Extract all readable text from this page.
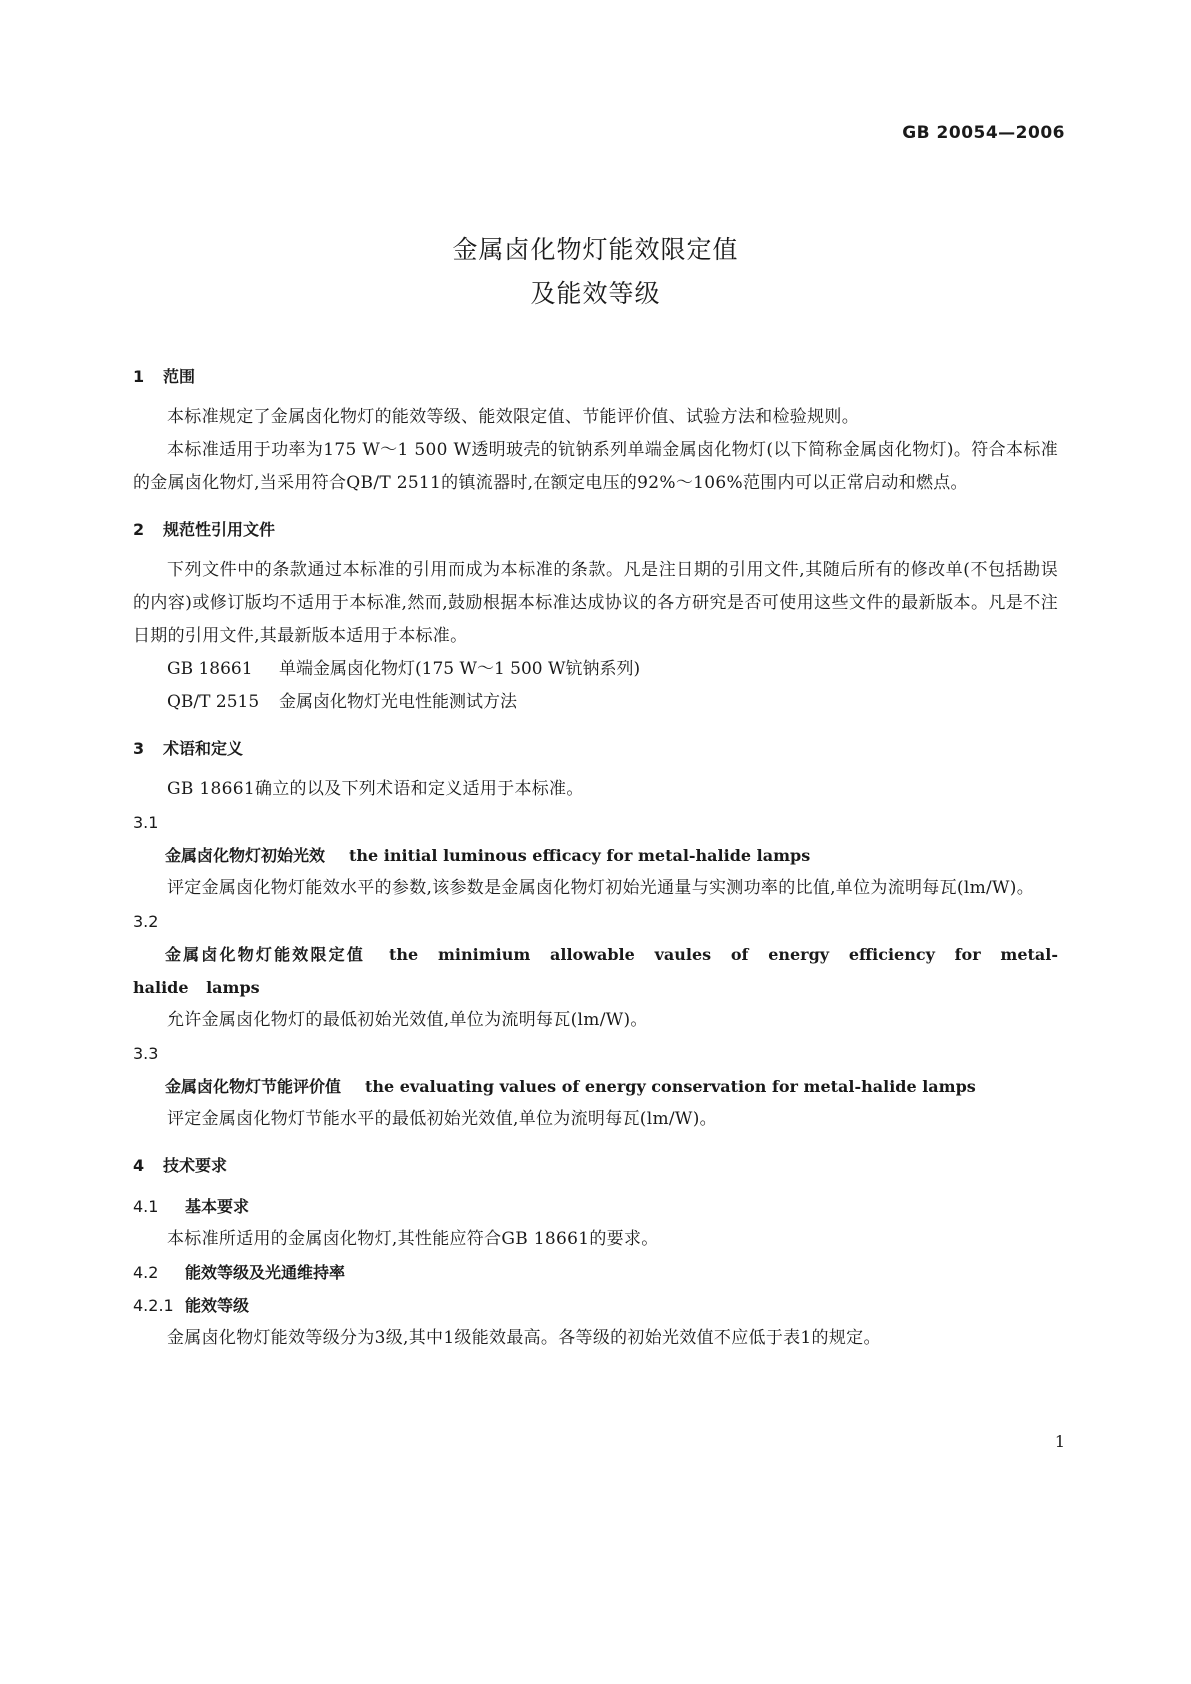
GB 20054—2006
金属卤化物灯能效限定值
及能效等级
1 范围

本标准规定了金属卤化物灯的能效等级、能效限定值、节能评价值、试验方法和检验规则。

本标准适用于功率为175 W～1 500 W透明玻壳的钪钠系列单端金属卤化物灯(以下简称金属卤化物灯)。符合本标准的金属卤化物灯,当采用符合QB/T 2511的镇流器时,在额定电压的92%～106%范围内可以正常启动和燃点。

2 规范性引用文件

下列文件中的条款通过本标准的引用而成为本标准的条款。凡是注日期的引用文件,其随后所有的修改单(不包括勘误的内容)或修订版均不适用于本标准,然而,鼓励根据本标准达成协议的各方研究是否可使用这些文件的最新版本。凡是不注日期的引用文件,其最新版本适用于本标准。

GB 18661 单端金属卤化物灯(175 W～1 500 W钪钠系列)

QB/T 2515 金属卤化物灯光电性能测试方法

3 术语和定义

GB 18661确立的以及下列术语和定义适用于本标准。

3.1

金属卤化物灯初始光效 the initial luminous efficacy for metal-halide lamps

评定金属卤化物灯能效水平的参数,该参数是金属卤化物灯初始光通量与实测功率的比值,单位为流明每瓦(lm/W)。

3.2

金属卤化物灯能效限定值 the minimium allowable vaules of energy efficiency for metal-halide lamps

允许金属卤化物灯的最低初始光效值,单位为流明每瓦(lm/W)。

3.3

金属卤化物灯节能评价值 the evaluating values of energy conservation for metal-halide lamps

评定金属卤化物灯节能水平的最低初始光效值,单位为流明每瓦(lm/W)。

4 技术要求

4.1 基本要求

本标准所适用的金属卤化物灯,其性能应符合GB 18661的要求。

4.2 能效等级及光通维持率

4.2.1 能效等级

金属卤化物灯能效等级分为3级,其中1级能效最高。各等级的初始光效值不应低于表1的规定。

1
